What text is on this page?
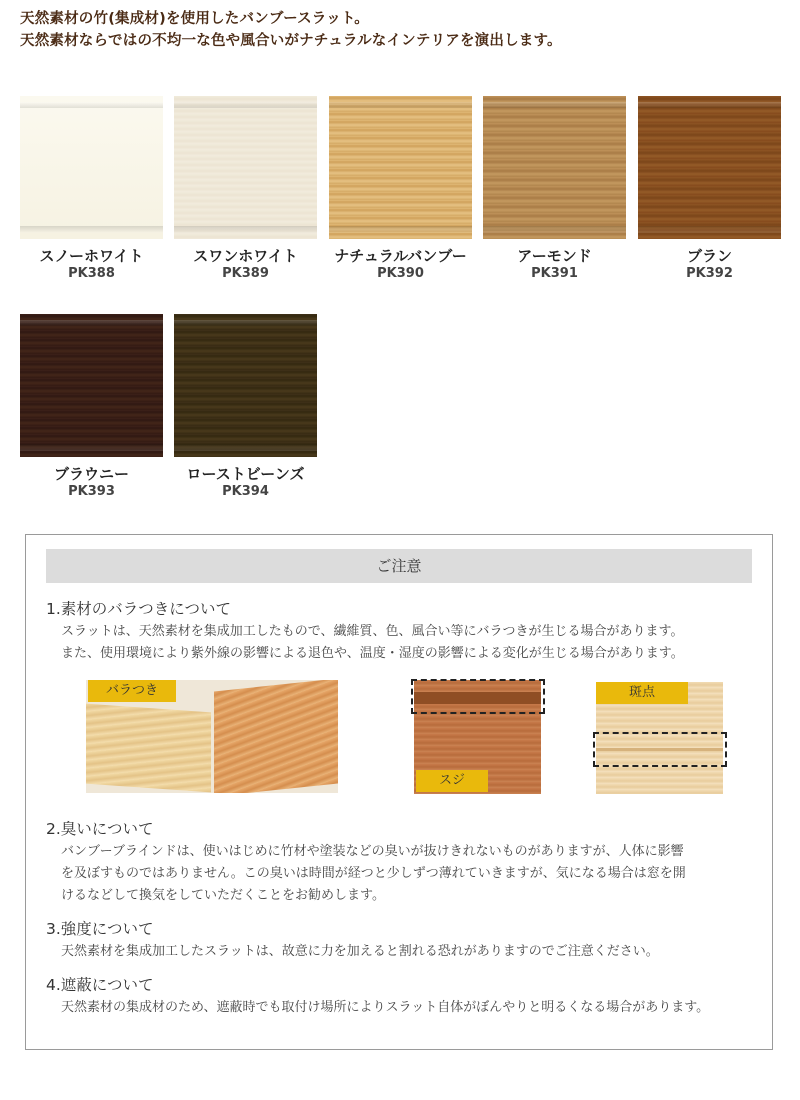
天然素材の竹(集成材)を使用したバンブースラット。

天然素材ならではの不均一な色や風合いがナチュラルなインテリアを演出します。

スノーホワイト
PK388
スワンホワイト
PK389
ナチュラルバンブー
PK390
アーモンド
PK391
ブラン
PK392
ブラウニー
PK393
ローストビーンズ
PK394
ご注意
1.素材のバラつきについて

スラットは、天然素材を集成加工したもので、繊維質、色、風合い等にバラつきが生じる場合があります。

また、使用環境により紫外線の影響による退色や、温度・湿度の影響による変化が生じる場合があります。

バラつき
スジ
斑点
2.臭いについて

バンブーブラインドは、使いはじめに竹材や塗装などの臭いが抜けきれないものがありますが、人体に影響

を及ぼすものではありません。この臭いは時間が経つと少しずつ薄れていきますが、気になる場合は窓を開

けるなどして換気をしていただくことをお勧めします。

3.強度について

天然素材を集成加工したスラットは、故意に力を加えると割れる恐れがありますのでご注意ください。

4.遮蔽について

天然素材の集成材のため、遮蔽時でも取付け場所によりスラット自体がぼんやりと明るくなる場合があります。
